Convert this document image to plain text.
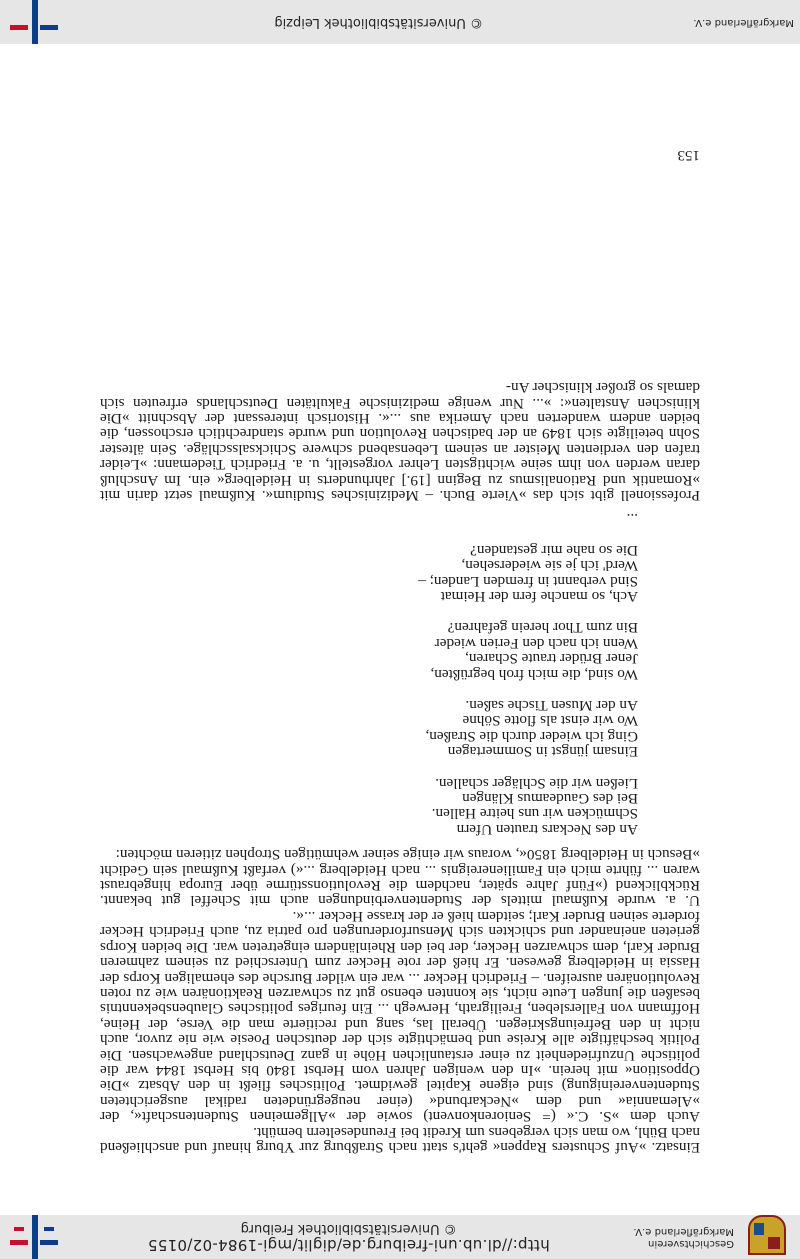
Geschichtsverein
Markgräflerland e.V.
http://dl.ub.uni-freiburg.de/diglit/mgi-1984-02/0155
© Universitätsbibliothek Freiburg

Einsatz. »Auf Schusters Rappen« geht's statt nach Straßburg zur Yburg hinauf und anschließend nach Bühl, wo man sich vergebens um Kredit bei Freundeseltern bemüht.

Auch dem »S. C.« (= Seniorenkonvent) sowie der »Allgemeinen Studentenschaft«, der »Alemannia« und dem »Neckarbund« (einer neugegründeten radikal ausgerichteten Studentenvereinigung) sind eigene Kapitel gewidmet. Politisches fließt in den Absatz »Die Opposition« mit herein. »In den wenigen Jahren vom Herbst 1840 bis Herbst 1844 war die politische Unzufriedenheit zu einer erstaunlichen Höhe in ganz Deutschland angewachsen. Die Politik beschäftigte alle Kreise und bemächtigte sich der deutschen Poesie wie nie zuvor, auch nicht in den Befreiungskriegen. Überall las, sang und recitierte man die Verse, der Heine, Hoffmann von Fallersleben, Freiligrath, Herwegh ... Ein feuriges politisches Glaubensbekenntnis besaßen die jungen Leute nicht, sie konnten ebenso gut zu schwarzen Reaktionären wie zu roten Revolutionären ausreifen. – Friedrich Hecker ... war ein wilder Bursche des ehemaligen Korps der Hassia in Heidelberg gewesen. Er hieß der rote Hecker zum Unterschied zu seinem zahmeren Bruder Karl, dem schwarzen Hecker, der bei den Rheinländern eingetreten war. Die beiden Korps gerieten aneinander und schickten sich Mensurforderungen pro patria zu, auch Friedrich Hecker forderte seinen Bruder Karl; seitdem hieß er der krasse Hecker ...«.

U. a. wurde Kußmaul mittels der Studentenverbindungen auch mit Scheffel gut bekannt. Rückblickend (»Fünf Jahre später, nachdem die Revolutionsstürme über Europa hingebraust waren ... führte mich ein Familienereignis ... nach Heidelberg ...«) verfaßt Kußmaul sein Gedicht »Besuch in Heidelberg 1850«, woraus wir einige seiner wehmütigen Strophen zitieren möchten:

An des Neckars trauten Ufern
Schmücken wir uns heitre Hallen.
Bei des Gaudeamus Klängen
Ließen wir die Schläger schallen.
Einsam jüngst in Sommertagen
Ging ich wieder durch die Straßen,
Wo wir einst als flotte Söhne
An der Musen Tische saßen.
Wo sind, die mich froh begrüßten,
Jener Brüder traute Scharen,
Wenn ich nach den Ferien wieder
Bin zum Thor herein gefahren?
Ach, so manche fern der Heimat
Sind verbannt in fremden Landen; –
Werd' ich je sie wiedersehen,
Die so nahe mir gestanden?
...

Professionell gibt sich das »Vierte Buch. – Medizinisches Studium«. Kußmaul setzt darin mit »Romantik und Rationalismus zu Beginn [19.] Jahrhunderts in Heidelberg« ein. Im Anschluß daran werden von ihm seine wichtigsten Lehrer vorgestellt, u. a. Friedrich Tiedemann: »Leider trafen den verdienten Meister an seinem Lebensabend schwere Schicksalsschläge. Sein ältester Sohn beteiligte sich 1849 an der badischen Revolution und wurde standrechtlich erschossen, die beiden andern wanderten nach Amerika aus ...«. Historisch interessant der Abschnitt »Die klinischen Anstalten«: »... Nur wenige medizinische Fakultäten Deutschlands erfreuten sich damals so großer klinischer An-

153
Markgräflerland e.V.
© Universitätsbibliothek Leipzig
